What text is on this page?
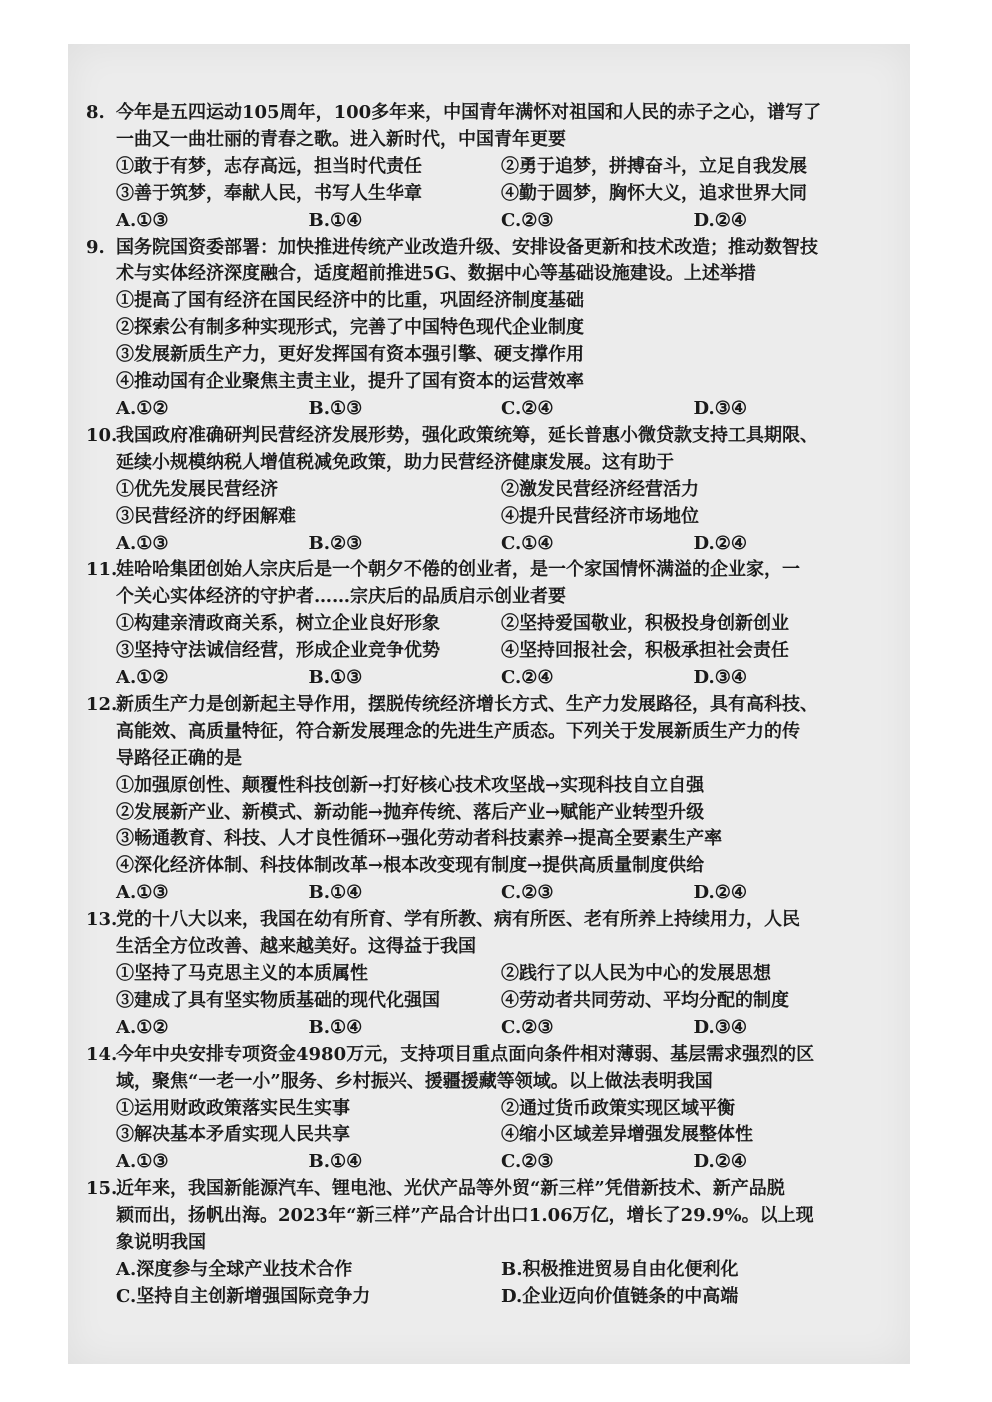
8. 今年是五四运动105周年，100多年来，中国青年满怀对祖国和人民的赤子之心，谱写了
一曲又一曲壮丽的青春之歌。进入新时代，中国青年更要
①敢于有梦，志存高远，担当时代责任	②勇于追梦，拼搏奋斗，立足自我发展
③善于筑梦，奉献人民，书写人生华章	④勤于圆梦，胸怀大义，追求世界大同
A.①③	B.①④	C.②③	D.②④
9. 国务院国资委部署：加快推进传统产业改造升级、安排设备更新和技术改造；推动数智技
术与实体经济深度融合，适度超前推进5G、数据中心等基础设施建设。上述举措
①提高了国有经济在国民经济中的比重，巩固经济制度基础
②探索公有制多种实现形式，完善了中国特色现代企业制度
③发展新质生产力，更好发挥国有资本强引擎、硬支撑作用
④推动国有企业聚焦主责主业，提升了国有资本的运营效率
A.①②	B.①③	C.②④	D.③④
10.
我国政府准确研判民营经济发展形势，强化政策统筹，延长普惠小微贷款支持工具期限、
延续小规模纳税人增值税减免政策，助力民营经济健康发展。这有助于
①优先发展民营经济	②激发民营经济经营活力
③民营经济的纾困解难	④提升民营经济市场地位
A.①③	B.②③	C.①④	D.②④
11.
娃哈哈集团创始人宗庆后是一个朝夕不倦的创业者，是一个家国情怀满溢的企业家，一
个关心实体经济的守护者……宗庆后的品质启示创业者要
①构建亲清政商关系，树立企业良好形象	②坚持爱国敬业，积极投身创新创业
③坚持守法诚信经营，形成企业竞争优势	④坚持回报社会，积极承担社会责任
A.①②	B.①③	C.②④	D.③④
12.
新质生产力是创新起主导作用，摆脱传统经济增长方式、生产力发展路径，具有高科技、
高能效、高质量特征，符合新发展理念的先进生产质态。下列关于发展新质生产力的传
导路径正确的是
①加强原创性、颠覆性科技创新→打好核心技术攻坚战→实现科技自立自强
②发展新产业、新模式、新动能→抛弃传统、落后产业→赋能产业转型升级
③畅通教育、科技、人才良性循环→强化劳动者科技素养→提高全要素生产率
④深化经济体制、科技体制改革→根本改变现有制度→提供高质量制度供给
A.①③	B.①④	C.②③	D.②④
13.
党的十八大以来，我国在幼有所育、学有所教、病有所医、老有所养上持续用力，人民
生活全方位改善、越来越美好。这得益于我国
①坚持了马克思主义的本质属性	②践行了以人民为中心的发展思想
③建成了具有坚实物质基础的现代化强国	④劳动者共同劳动、平均分配的制度
A.①②	B.①④	C.②③	D.③④
14.
今年中央安排专项资金4980万元，支持项目重点面向条件相对薄弱、基层需求强烈的区
域，聚焦“一老一小”服务、乡村振兴、援疆援藏等领域。以上做法表明我国
①运用财政政策落实民生实事	②通过货币政策实现区域平衡
③解决基本矛盾实现人民共享	④缩小区域差异增强发展整体性
A.①③	B.①④	C.②③	D.②④
15.
近年来，我国新能源汽车、锂电池、光伏产品等外贸“新三样”凭借新技术、新产品脱
颖而出，扬帆出海。2023年“新三样”产品合计出口1.06万亿，增长了29.9%。以上现
象说明我国
A.深度参与全球产业技术合作	B.积极推进贸易自由化便利化
C.坚持自主创新增强国际竞争力	D.企业迈向价值链条的中高端
